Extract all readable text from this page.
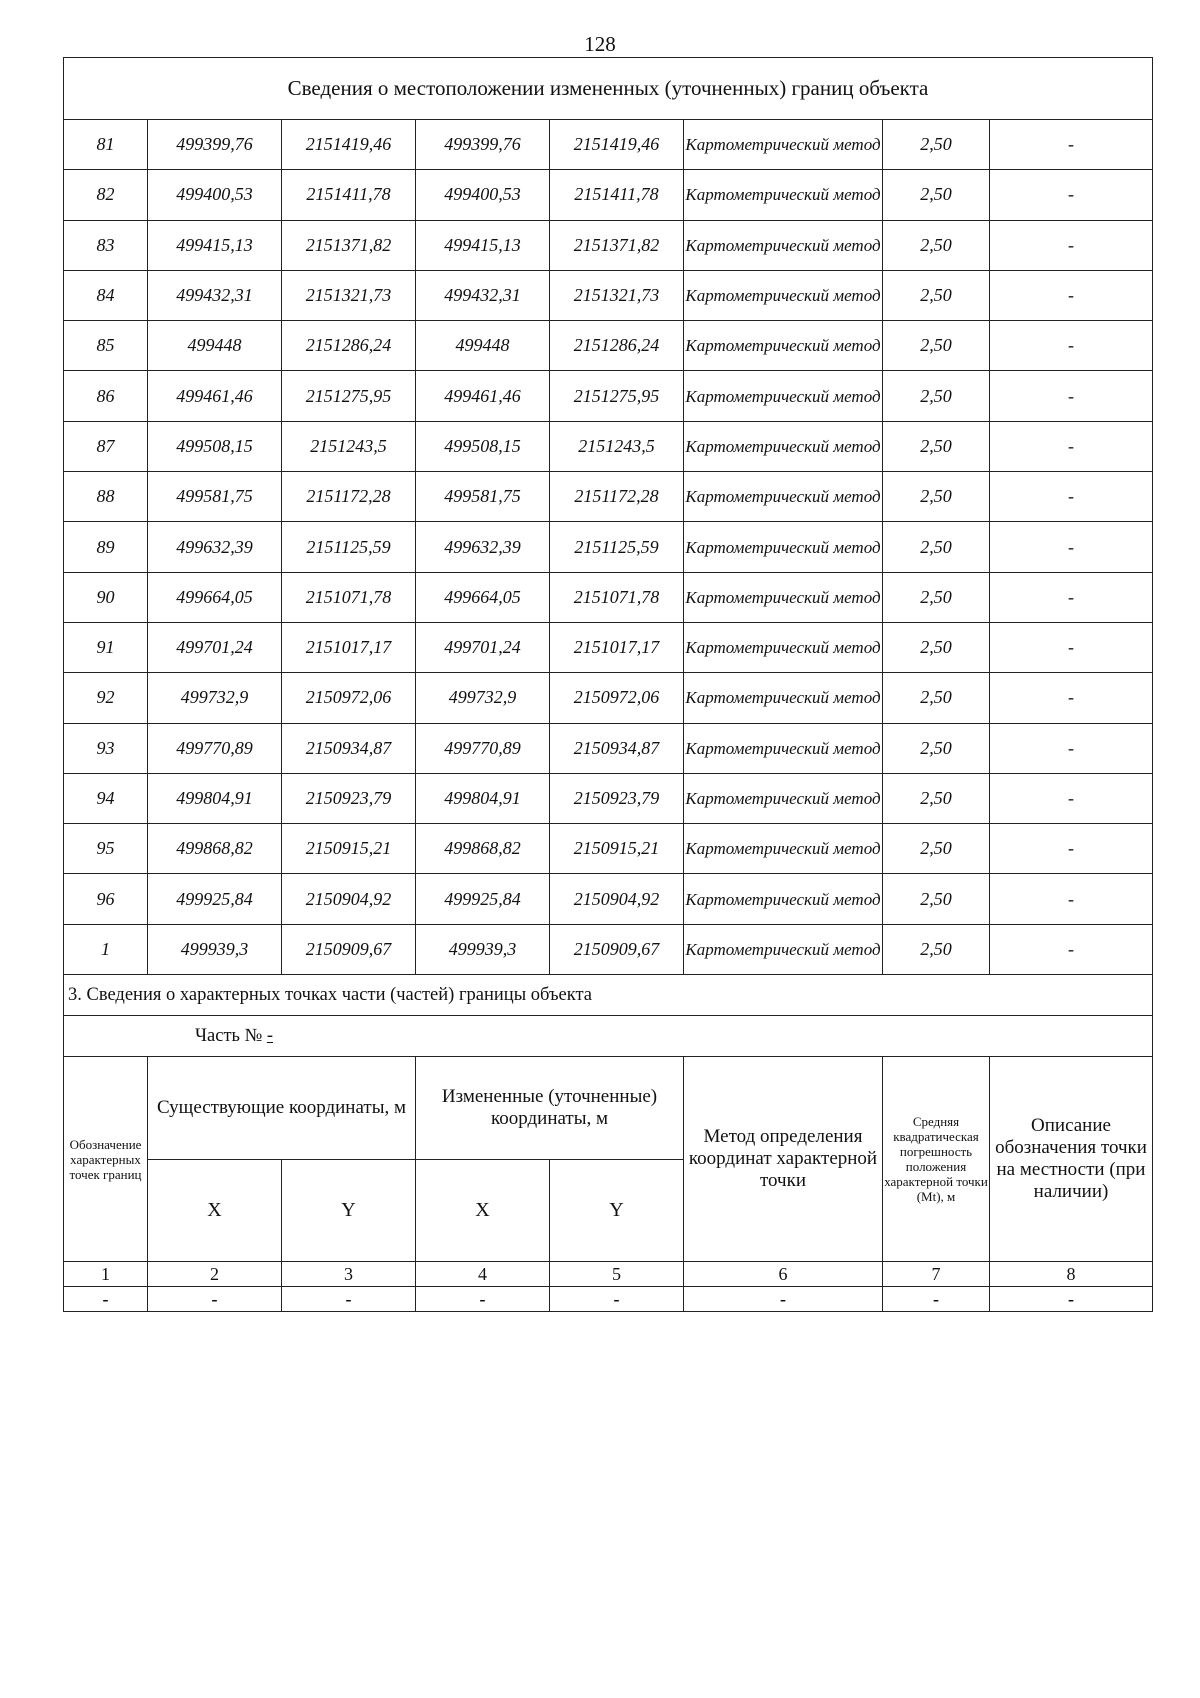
128
Сведения о местоположении измененных (уточненных) границ объекта							
81	499399,76	2151419,46	499399,76	2151419,46	Картометрический метод	2,50	-
82	499400,53	2151411,78	499400,53	2151411,78	Картометрический метод	2,50	-
83	499415,13	2151371,82	499415,13	2151371,82	Картометрический метод	2,50	-
84	499432,31	2151321,73	499432,31	2151321,73	Картометрический метод	2,50	-
85	499448	2151286,24	499448	2151286,24	Картометрический метод	2,50	-
86	499461,46	2151275,95	499461,46	2151275,95	Картометрический метод	2,50	-
87	499508,15	2151243,5	499508,15	2151243,5	Картометрический метод	2,50	-
88	499581,75	2151172,28	499581,75	2151172,28	Картометрический метод	2,50	-
89	499632,39	2151125,59	499632,39	2151125,59	Картометрический метод	2,50	-
90	499664,05	2151071,78	499664,05	2151071,78	Картометрический метод	2,50	-
91	499701,24	2151017,17	499701,24	2151017,17	Картометрический метод	2,50	-
92	499732,9	2150972,06	499732,9	2150972,06	Картометрический метод	2,50	-
93	499770,89	2150934,87	499770,89	2150934,87	Картометрический метод	2,50	-
94	499804,91	2150923,79	499804,91	2150923,79	Картометрический метод	2,50	-
95	499868,82	2150915,21	499868,82	2150915,21	Картометрический метод	2,50	-
96	499925,84	2150904,92	499925,84	2150904,92	Картометрический метод	2,50	-
1	499939,3	2150909,67	499939,3	2150909,67	Картометрический метод	2,50	-
3. Сведения о характерных точках части (частей) границы объекта							
Часть № -							
Обозначение характерных точек границ	Существующие координаты, м		Измененные (уточненные) координаты, м		Метод определения координат характерной точки	Средняя квадратическая погрешность положения характерной точки (Mt), м	Описание обозначения точки на местности (при наличии)
	X	Y	X	Y			
1	2	3	4	5	6	7	8
-	-	-	-	-	-	-	-
